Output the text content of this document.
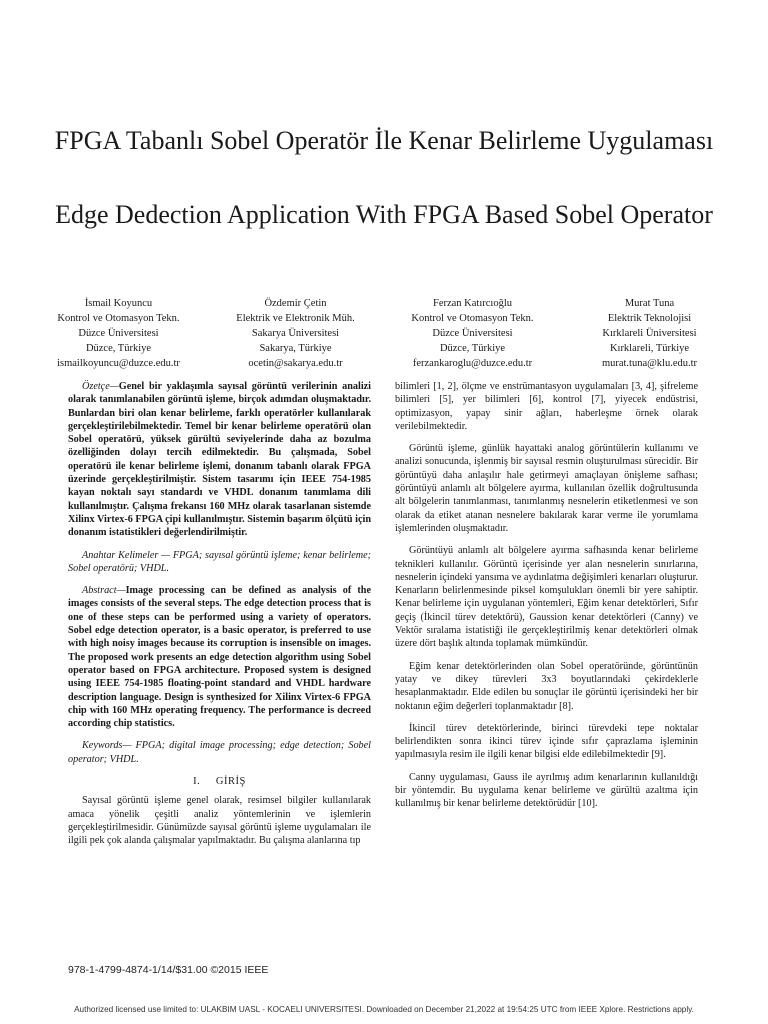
FPGA Tabanlı Sobel Operatör İle Kenar Belirleme Uygulaması
Edge Dedection Application With FPGA Based Sobel Operator
İsmail Koyuncu
Kontrol ve Otomasyon Tekn.
Düzce Üniversitesi
Düzce, Türkiye
ismailkoyuncu@duzce.edu.tr
Özdemir Çetin
Elektrik ve Elektronik Müh.
Sakarya Üniversitesi
Sakarya, Türkiye
ocetin@sakarya.edu.tr
Ferzan Katırcıoğlu
Kontrol ve Otomasyon Tekn.
Düzce Üniversitesi
Düzce, Türkiye
ferzankaroglu@duzce.edu.tr
Murat Tuna
Elektrik Teknolojisi
Kırklareli Üniversitesi
Kırklareli, Türkiye
murat.tuna@klu.edu.tr

Özetçe—Genel bir yaklaşımla sayısal görüntü verilerinin analizi olarak tanımlanabilen görüntü işleme, birçok adımdan oluşmaktadır. Bunlardan biri olan kenar belirleme, farklı operatörler kullanılarak gerçekleştirilebilmektedir. Temel bir kenar belirleme operatörü olan Sobel operatörü, yüksek gürültü seviyelerinde daha az bozulma özelliğinden dolayı tercih edilmektedir. Bu çalışmada, Sobel operatörü ile kenar belirleme işlemi, donanım tabanlı olarak FPGA üzerinde gerçekleştirilmiştir. Sistem tasarımı için IEEE 754-1985 kayan noktalı sayı standardı ve VHDL donanım tanımlama dili kullanılmıştır. Çalışma frekansı 160 MHz olarak tasarlanan sistemde Xilinx Virtex-6 FPGA çipi kullanılmıştır. Sistemin başarım ölçütü için donanım istatistikleri değerlendirilmiştir.

Anahtar Kelimeler — FPGA; sayısal görüntü işleme; kenar belirleme; Sobel operatörü; VHDL.

Abstract—Image processing can be defined as analysis of the images consists of the several steps. The edge detection process that is one of these steps can be performed using a variety of operators. Sobel edge detection operator, is a basic operator, is preferred to use with high noisy images because its corruption is insensible on images. The proposed work presents an edge detection algorithm using Sobel operator based on FPGA architecture. Proposed system is designed using IEEE 754-1985 floating-point standard and VHDL hardware description language. Design is synthesized for Xilinx Virtex-6 FPGA chip with 160 MHz operating frequency. The performance is decreed according chip statistics.

Keywords— FPGA; digital image processing; edge detection; Sobel operator; VHDL.

I. GİRİŞ

Sayısal görüntü işleme genel olarak, resimsel bilgiler kullanılarak amaca yönelik çeşitli analiz yöntemlerinin ve işlemlerin gerçekleştirilmesidir. Günümüzde sayısal görüntü işleme uygulamaları ile ilgili pek çok alanda çalışmalar yapılmaktadır. Bu çalışma alanlarına tıp

bilimleri [1, 2], ölçme ve enstrümantasyon uygulamaları [3, 4], şifreleme bilimleri [5], yer bilimleri [6], kontrol [7], yiyecek endüstrisi, optimizasyon, yapay sinir ağları, haberleşme örnek olarak verilebilmektedir.

Görüntü işleme, günlük hayattaki analog görüntülerin kullanımı ve analizi sonucunda, işlenmiş bir sayısal resmin oluşturulması sürecidir. Bir görüntüyü daha anlaşılır hale getirmeyi amaçlayan önişleme safhası; görüntüyü anlamlı alt bölgelere ayırma, kullanılan özellik doğrultusunda alt bölgelerin tanımlanması, tanımlanmış nesnelerin etiketlenmesi ve son olarak da etiket atanan nesnelere bakılarak karar verme ile yorumlama işlemlerinden oluşmaktadır.

Görüntüyü anlamlı alt bölgelere ayırma safhasında kenar belirleme teknikleri kullanılır. Görüntü içerisinde yer alan nesnelerin sınırlarına, nesnelerin içindeki yansıma ve aydınlatma değişimleri kenarları oluşturur. Kenarların belirlenmesinde piksel komşulukları önemli bir yere sahiptir. Kenar belirleme için uygulanan yöntemleri, Eğim kenar detektörleri, Sıfır geçiş (İkincil türev detektörü), Gaussion kenar detektörleri (Canny) ve Vektör sıralama istatistiği ile gerçekleştirilmiş kenar detektörleri olmak üzere dört başlık altında toplamak mümkündür.

Eğim kenar detektörlerinden olan Sobel operatöründe, görüntünün yatay ve dikey türevleri 3x3 boyutlarındaki çekirdeklerle hesaplanmaktadır. Elde edilen bu sonuçlar ile görüntü içerisindeki her bir noktanın eğim değerleri toplanmaktadır [8].

İkincil türev detektörlerinde, birinci türevdeki tepe noktalar belirlendikten sonra ikinci türev içinde sıfır çaprazlama işleminin yapılmasıyla resim ile ilgili kenar bilgisi elde edilebilmektedir [9].

Canny uygulaması, Gauss ile ayrılmış adım kenarlarının kullanıldığı bir yöntemdir. Bu uygulama kenar belirleme ve gürültü azaltma için kullanılmış bir kenar belirleme detektörüdür [10].

978-1-4799-4874-1/14/$31.00 ©2015 IEEE
Authorized licensed use limited to: ULAKBIM UASL - KOCAELI UNIVERSITESI. Downloaded on December 21,2022 at 19:54:25 UTC from IEEE Xplore. Restrictions apply.
